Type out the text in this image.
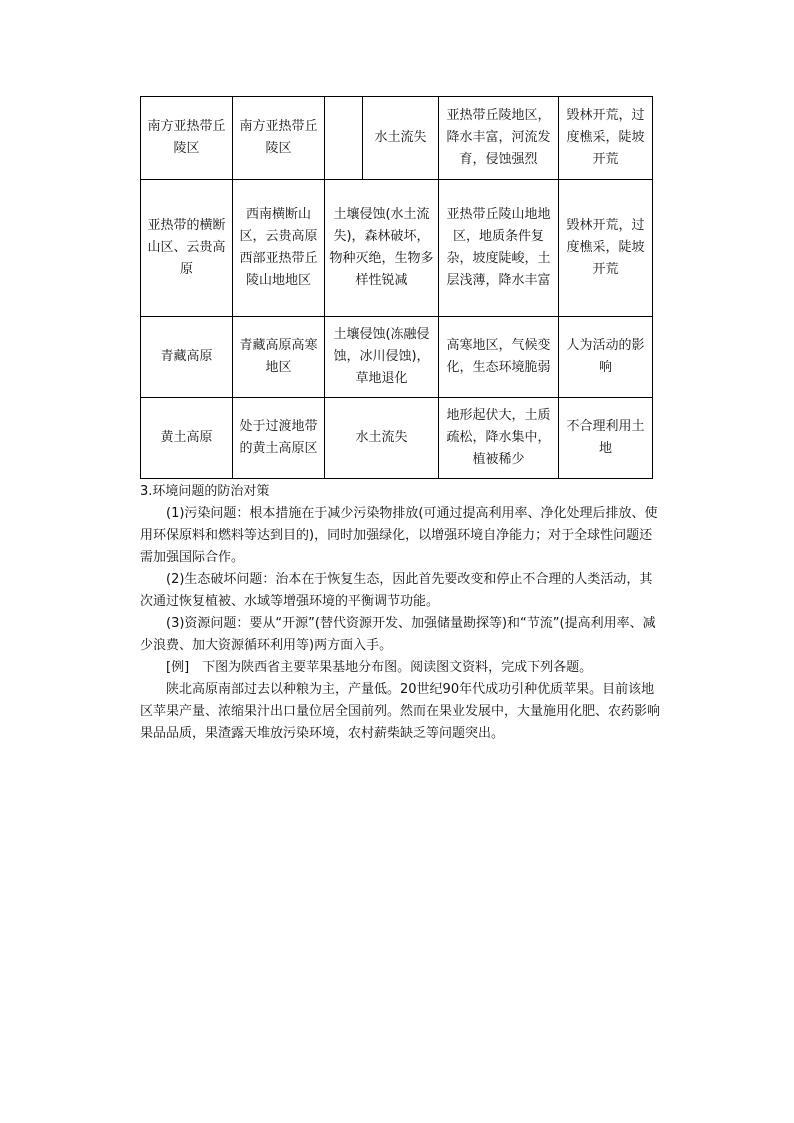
南方亚热带丘陵区	南方亚热带丘陵区		水土流失	亚热带丘陵地区，降水丰富，河流发育，侵蚀强烈	毁林开荒，过度樵采，陡坡开荒
亚热带的横断山区、云贵高原	西南横断山区，云贵高原西部亚热带丘陵山地地区	土壤侵蚀(水土流失)，森林破坏，物种灭绝，生物多样性锐减		亚热带丘陵山地地区，地质条件复杂，坡度陡峻，土层浅薄，降水丰富	毁林开荒，过度樵采，陡坡开荒
青藏高原	青藏高原高寒地区	土壤侵蚀(冻融侵蚀，冰川侵蚀)，草地退化		高寒地区，气候变化，生态环境脆弱	人为活动的影响
黄土高原	处于过渡地带的黄土高原区	水土流失		地形起伏大，土质疏松，降水集中，植被稀少	不合理利用土地

3.环境问题的防治对策

(1)污染问题：根本措施在于减少污染物排放(可通过提高利用率、净化处理后排放、使用环保原料和燃料等达到目的)，同时加强绿化，以增强环境自净能力；对于全球性问题还需加强国际合作。

(2)生态破坏问题：治本在于恢复生态，因此首先要改变和停止不合理的人类活动，其次通过恢复植被、水域等增强环境的平衡调节功能。

(3)资源问题：要从“开源”(替代资源开发、加强储量勘探等)和“节流”(提高利用率、减少浪费、加大资源循环利用等)两方面入手。

[例]　下图为陕西省主要苹果基地分布图。阅读图文资料，完成下列各题。

陕北高原南部过去以种粮为主，产量低。20世纪90年代成功引种优质苹果。目前该地区苹果产量、浓缩果汁出口量位居全国前列。然而在果业发展中，大量施用化肥、农药影响果品品质，果渣露天堆放污染环境，农村薪柴缺乏等问题突出。
